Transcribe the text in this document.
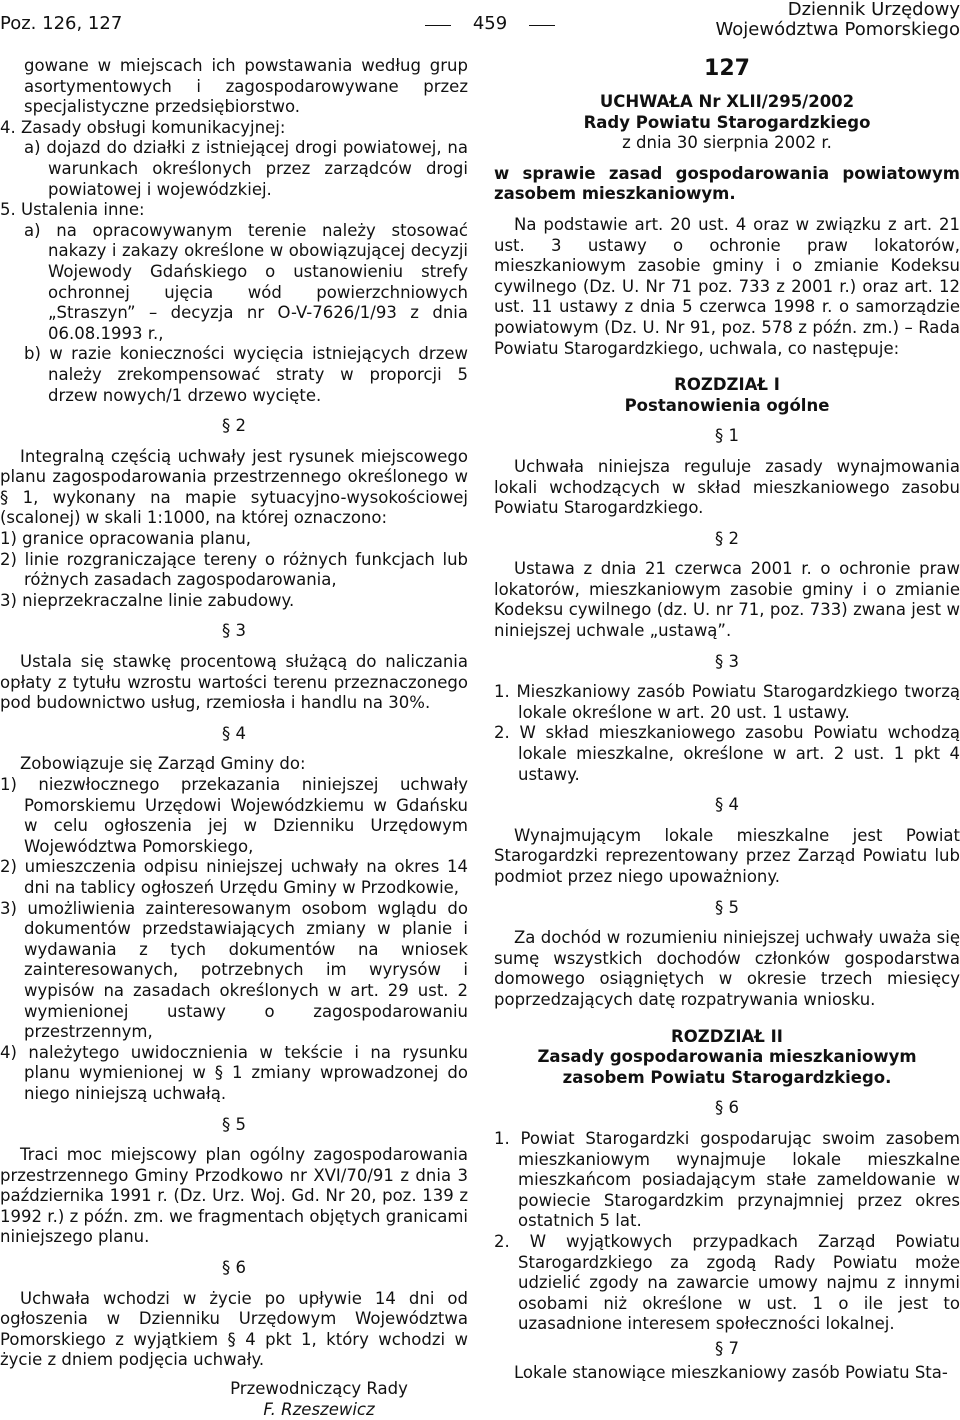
Poz. 126, 127	459
Dziennik Urzędowy
Województwa Pomorskiego

gowane w miejscach ich powstawania według grup asortymentowych i zagospodarowywane przez specjalistyczne przedsiębiorstwo.

4. Zasady obsługi komunikacyjnej:

a) dojazd do działki z istniejącej drogi powiatowej, na warunkach określonych przez zarządców drogi powiatowej i wojewódzkiej.

5. Ustalenia inne:

a) na opracowywanym terenie należy stosować nakazy i zakazy określone w obowiązującej decyzji Wojewody Gdańskiego o ustanowieniu strefy ochronnej ujęcia wód powierzchniowych „Straszyn” – decyzja nr O-V-7626/1/93 z dnia 06.08.1993 r.,

b) w razie konieczności wycięcia istniejących drzew należy zrekompensować straty w proporcji 5 drzew nowych/1 drzewo wycięte.

§ 2

Integralną częścią uchwały jest rysunek miejscowego planu zagospodarowania przestrzennego określonego w § 1, wykonany na mapie sytuacyjno-wysokościowej (scalonej) w skali 1:1000, na której oznaczono:

1) granice opracowania planu,

2) linie rozgraniczające tereny o różnych funkcjach lub różnych zasadach zagospodarowania,

3) nieprzekraczalne linie zabudowy.

§ 3

Ustala się stawkę procentową służącą do naliczania opłaty z tytułu wzrostu wartości terenu przeznaczonego pod budownictwo usług, rzemiosła i handlu na 30%.

§ 4

Zobowiązuje się Zarząd Gminy do:

1) niezwłocznego przekazania niniejszej uchwały Pomorskiemu Urzędowi Wojewódzkiemu w Gdańsku w celu ogłoszenia jej w Dzienniku Urzędowym Województwa Pomorskiego,

2) umieszczenia odpisu niniejszej uchwały na okres 14 dni na tablicy ogłoszeń Urzędu Gminy w Przodkowie,

3) umożliwienia zainteresowanym osobom wglądu do dokumentów przedstawiających zmiany w planie i wydawania z tych dokumentów na wniosek zainteresowanych, potrzebnych im wyrysów i wypisów na zasadach określonych w art. 29 ust. 2 wymienionej ustawy o zagospodarowaniu przestrzennym,

4) należytego uwidocznienia w tekście i na rysunku planu wymienionej w § 1 zmiany wprowadzonej do niego niniejszą uchwałą.

§ 5

Traci moc miejscowy plan ogólny zagospodarowania przestrzennego Gminy Przodkowo nr XVI/70/91 z dnia 3 października 1991 r. (Dz. Urz. Woj. Gd. Nr 20, poz. 139 z 1992 r.) z późn. zm. we fragmentach objętych granicami niniejszego planu.

§ 6

Uchwała wchodzi w życie po upływie 14 dni od ogłoszenia w Dzienniku Urzędowym Województwa Pomorskiego z wyjątkiem § 4 pkt 1, który wchodzi w życie z dniem podjęcia uchwały.

Przewodniczący Rady
F. Rzeszewicz
127
UCHWAŁA Nr XLII/295/2002
Rady Powiatu Starogardzkiego
z dnia 30 sierpnia 2002 r.

w sprawie zasad gospodarowania powiatowym zasobem mieszkaniowym.

Na podstawie art. 20 ust. 4 oraz w związku z art. 21 ust. 3 ustawy o ochronie praw lokatorów, mieszkaniowym zasobie gminy i o zmianie Kodeksu cywilnego (Dz. U. Nr 71 poz. 733 z 2001 r.) oraz art. 12 ust. 11 ustawy z dnia 5 czerwca 1998 r. o samorządzie powiatowym (Dz. U. Nr 91, poz. 578 z późn. zm.) – Rada Powiatu Starogardzkiego, uchwala, co następuje:

ROZDZIAŁ I
Postanowienia ogólne

§ 1

Uchwała niniejsza reguluje zasady wynajmowania lokali wchodzących w skład mieszkaniowego zasobu Powiatu Starogardzkiego.

§ 2

Ustawa z dnia 21 czerwca 2001 r. o ochronie praw lokatorów, mieszkaniowym zasobie gminy i o zmianie Kodeksu cywilnego (dz. U. nr 71, poz. 733) zwana jest w niniejszej uchwale „ustawą”.

§ 3

1. Mieszkaniowy zasób Powiatu Starogardzkiego tworzą lokale określone w art. 20 ust. 1 ustawy.

2. W skład mieszkaniowego zasobu Powiatu wchodzą lokale mieszkalne, określone w art. 2 ust. 1 pkt 4 ustawy.

§ 4

Wynajmującym lokale mieszkalne jest Powiat Starogardzki reprezentowany przez Zarząd Powiatu lub podmiot przez niego upoważniony.

§ 5

Za dochód w rozumieniu niniejszej uchwały uważa się sumę wszystkich dochodów członków gospodarstwa domowego osiągniętych w okresie trzech miesięcy poprzedzających datę rozpatrywania wniosku.

ROZDZIAŁ II
Zasady gospodarowania mieszkaniowym zasobem Powiatu Starogardzkiego.

§ 6

1. Powiat Starogardzki gospodarując swoim zasobem mieszkaniowym wynajmuje lokale mieszkalne mieszkańcom posiadającym stałe zameldowanie w powiecie Starogardzkim przynajmniej przez okres ostatnich 5 lat.

2. W wyjątkowych przypadkach Zarząd Powiatu Starogardzkiego za zgodą Rady Powiatu może udzielić zgody na zawarcie umowy najmu z innymi osobami niż określone w ust. 1 o ile jest to uzasadnione interesem społeczności lokalnej.

§ 7

Lokale stanowiące mieszkaniowy zasób Powiatu Sta-
